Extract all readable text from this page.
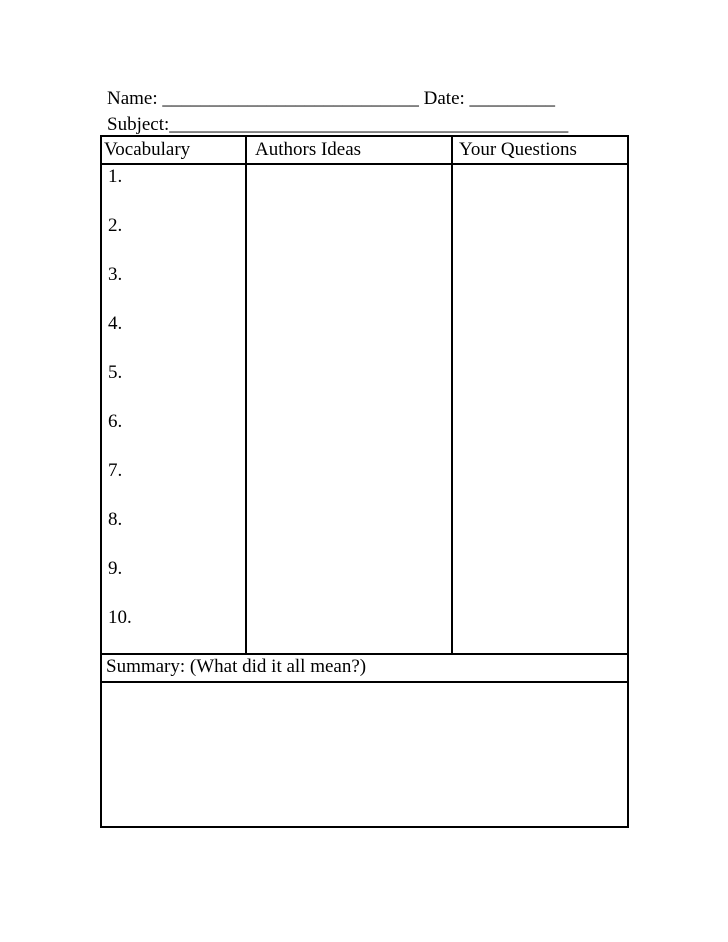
Name: ___________________________ Date: _________
Subject:__________________________________________
Vocabulary	Authors Ideas	Your Questions
1.
2.
3.
4.
5.
6.
7.
8.
9.
10.
Summary: (What did it all mean?)
